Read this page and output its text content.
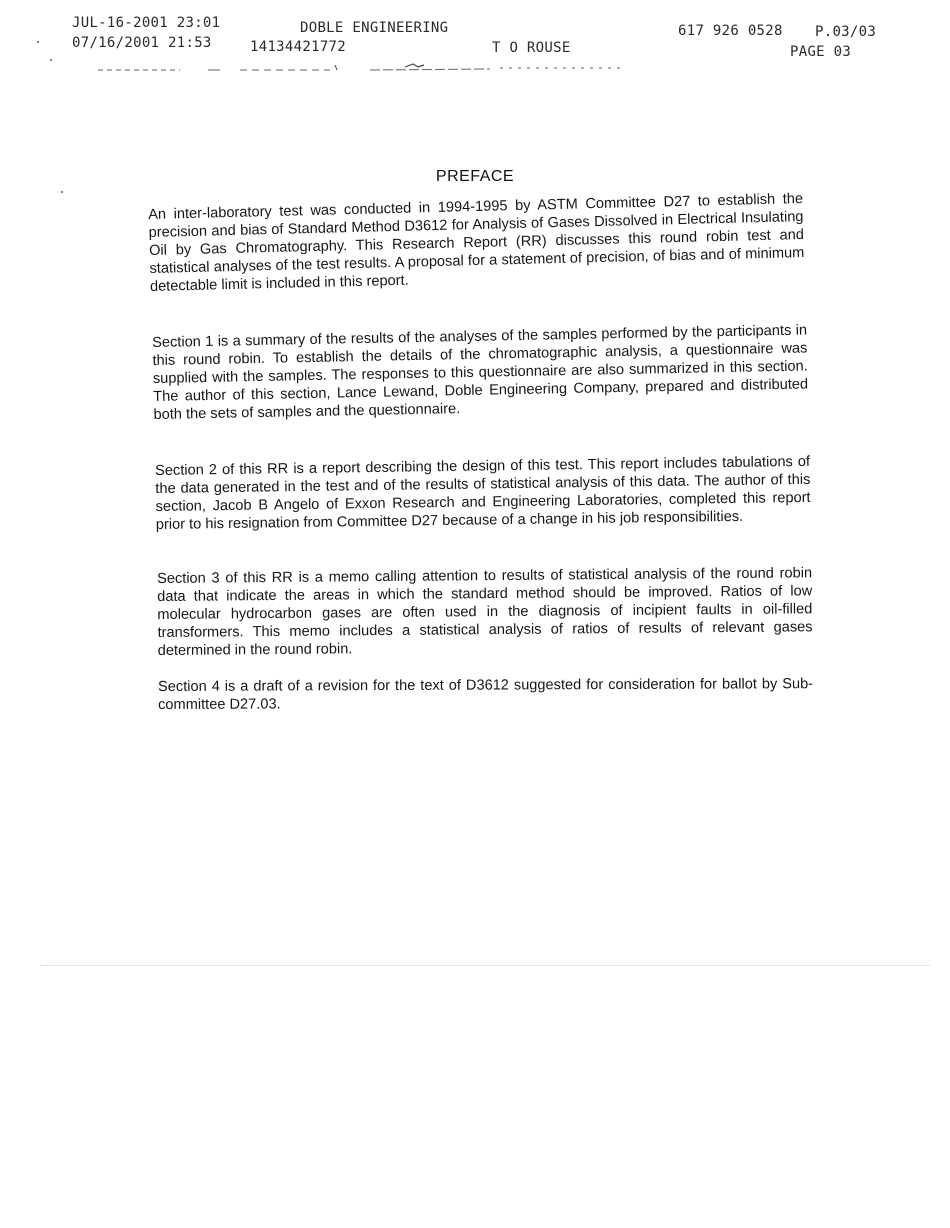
JUL-16-2001 23:01	DOBLE ENGINEERING	617 926 0528 P.03/03
07/16/2001 21:53	14134421772	T O ROUSE	PAGE 03
PREFACE

An inter-laboratory test was conducted in 1994-1995 by ASTM Committee D27 to establish the precision and bias of Standard Method D3612 for Analysis of Gases Dissolved in Electrical Insulating Oil by Gas Chromatography. This Research Report (RR) discusses this round robin test and statistical analyses of the test results. A proposal for a statement of precision, of bias and of minimum detectable limit is included in this report.

Section 1 is a summary of the results of the analyses of the samples performed by the participants in this round robin. To establish the details of the chromatographic analysis, a questionnaire was supplied with the samples. The responses to this questionnaire are also summarized in this section. The author of this section, Lance Lewand, Doble Engineering Company, prepared and distributed both the sets of samples and the questionnaire.

Section 2 of this RR is a report describing the design of this test. This report includes tabulations of the data generated in the test and of the results of statistical analysis of this data. The author of this section, Jacob B Angelo of Exxon Research and Engineering Laboratories, completed this report prior to his resignation from Committee D27 because of a change in his job responsibilities.

Section 3 of this RR is a memo calling attention to results of statistical analysis of the round robin data that indicate the areas in which the standard method should be improved. Ratios of low molecular hydrocarbon gases are often used in the diagnosis of incipient faults in oil-filled transformers. This memo includes a statistical analysis of ratios of results of relevant gases determined in the round robin.

Section 4 is a draft of a revision for the text of D3612 suggested for consideration for ballot by Sub-committee D27.03.
